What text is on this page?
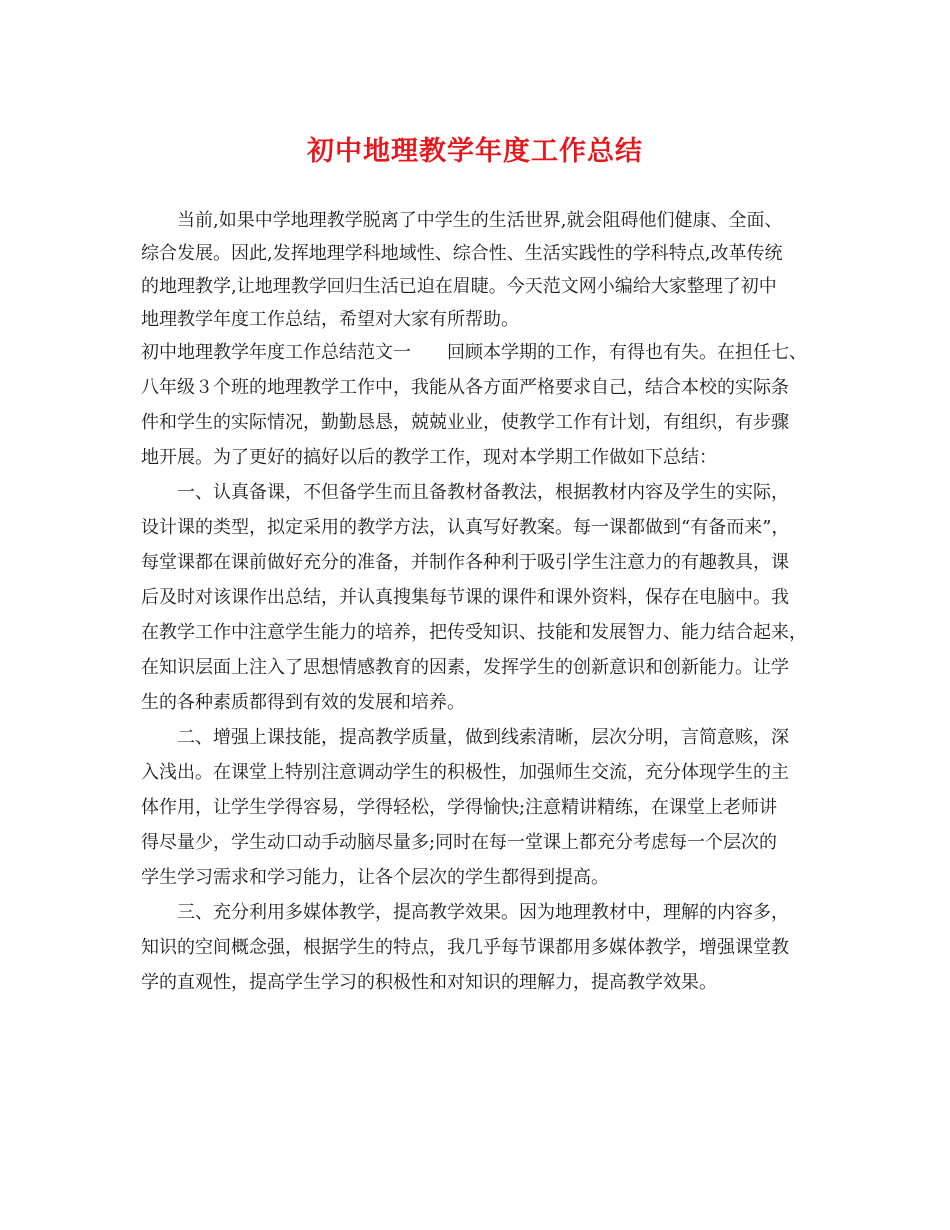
初中地理教学年度工作总结

当前,如果中学地理教学脱离了中学生的生活世界,就会阻碍他们健康、全面、

综合发展。因此,发挥地理学科地域性、综合性、生活实践性的学科特点,改革传统

的地理教学,让地理教学回归生活已迫在眉睫。今天范文网小编给大家整理了初中

地理教学年度工作总结，希望对大家有所帮助。

初中地理教学年度工作总结范文一　　回顾本学期的工作，有得也有失。在担任七、

八年级３个班的地理教学工作中，我能从各方面严格要求自己，结合本校的实际条

件和学生的实际情况，勤勤恳恳，兢兢业业，使教学工作有计划，有组织，有步骤

地开展。为了更好的搞好以后的教学工作，现对本学期工作做如下总结：

一、认真备课，不但备学生而且备教材备教法，根据教材内容及学生的实际，

设计课的类型，拟定采用的教学方法，认真写好教案。每一课都做到“有备而来”，

每堂课都在课前做好充分的准备，并制作各种利于吸引学生注意力的有趣教具，课

后及时对该课作出总结，并认真搜集每节课的课件和课外资料，保存在电脑中。我

在教学工作中注意学生能力的培养，把传受知识、技能和发展智力、能力结合起来，

在知识层面上注入了思想情感教育的因素，发挥学生的创新意识和创新能力。让学

生的各种素质都得到有效的发展和培养。

二、增强上课技能，提高教学质量，做到线索清晰，层次分明，言简意赅，深

入浅出。在课堂上特别注意调动学生的积极性，加强师生交流，充分体现学生的主

体作用，让学生学得容易，学得轻松，学得愉快;注意精讲精练，在课堂上老师讲

得尽量少，学生动口动手动脑尽量多;同时在每一堂课上都充分考虑每一个层次的

学生学习需求和学习能力，让各个层次的学生都得到提高。

三、充分利用多媒体教学，提高教学效果。因为地理教材中，理解的内容多，

知识的空间概念强，根据学生的特点，我几乎每节课都用多媒体教学，增强课堂教

学的直观性，提高学生学习的积极性和对知识的理解力，提高教学效果。
